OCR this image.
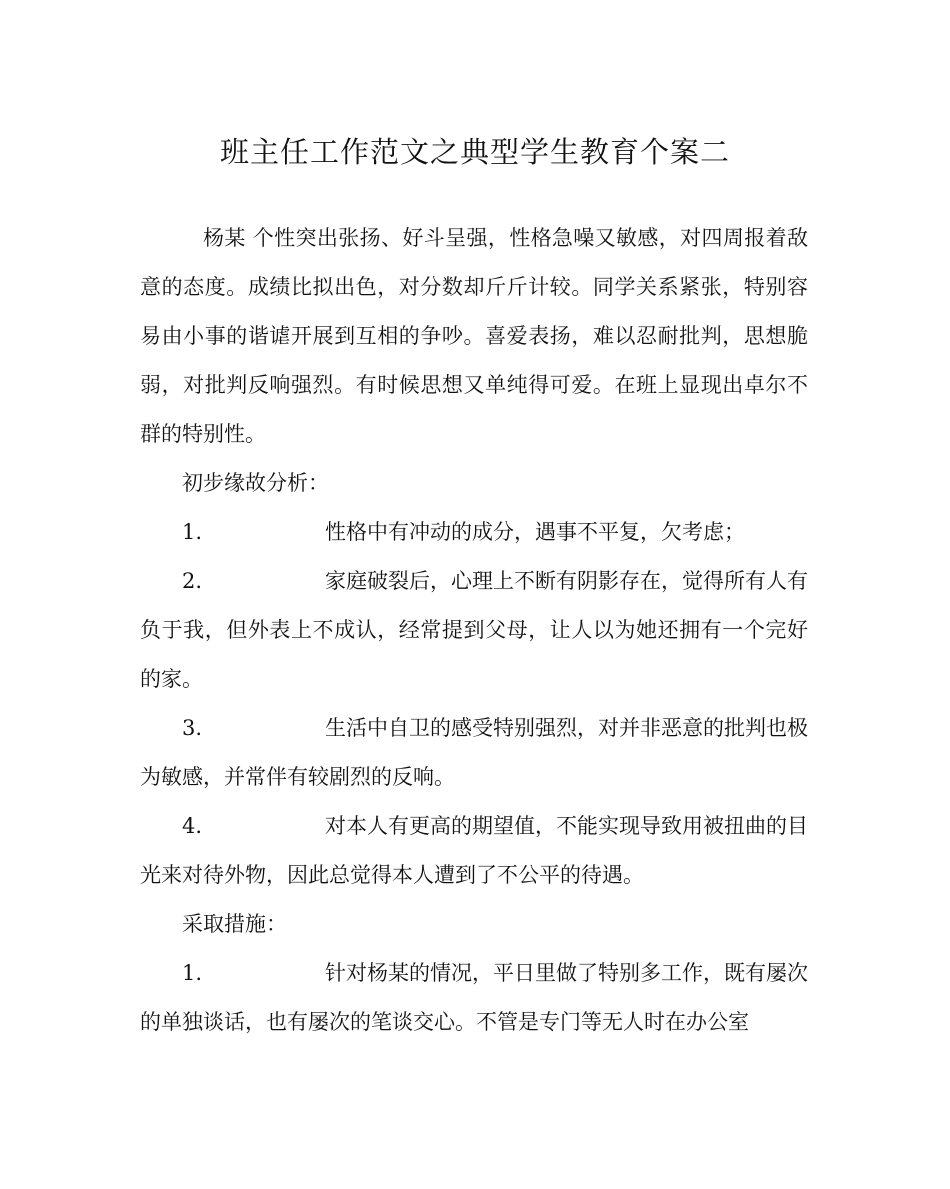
班主任工作范文之典型学生教育个案二

杨某 个性突出张扬、好斗呈强，性格急噪又敏感，对四周报着敌意的态度。成绩比拟出色，对分数却斤斤计较。同学关系紧张，特别容易由小事的谐谑开展到互相的争吵。喜爱表扬，难以忍耐批判，思想脆弱，对批判反响强烈。有时候思想又单纯得可爱。在班上显现出卓尔不群的特别性。

初步缘故分析：

1.	性格中有冲动的成分，遇事不平复，欠考虑；

2.	家庭破裂后，心理上不断有阴影存在，觉得所有人有负于我，但外表上不成认，经常提到父母，让人以为她还拥有一个完好的家。

3.	生活中自卫的感受特别强烈，对并非恶意的批判也极为敏感，并常伴有较剧烈的反响。

4.	对本人有更高的期望值，不能实现导致用被扭曲的目光来对待外物，因此总觉得本人遭到了不公平的待遇。

采取措施：

1.	针对杨某的情况，平日里做了特别多工作，既有屡次的单独谈话，也有屡次的笔谈交心。不管是专门等无人时在办公室
